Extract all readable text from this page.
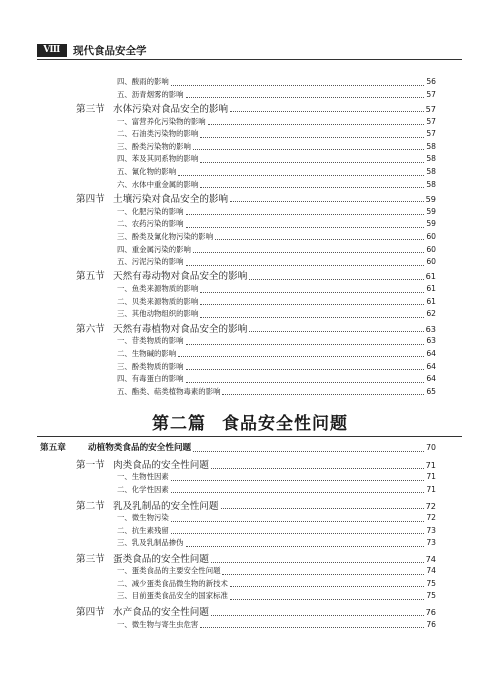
Ⅷ	现代食品安全学
四、酸雨的影响	56
五、沥青烟雾的影响	57
第三节 水体污染对食品安全的影响	57
一、富营养化污染物的影响	57
二、石油类污染物的影响	57
三、酚类污染物的影响	58
四、苯及其同系物的影响	58
五、氰化物的影响	58
六、水体中重金属的影响	58
第四节 土壤污染对食品安全的影响	59
一、化肥污染的影响	59
二、农药污染的影响	59
三、酚类及氰化物污染的影响	60
四、重金属污染的影响	60
五、污泥污染的影响	60
第五节 天然有毒动物对食品安全的影响	61
一、鱼类来源物质的影响	61
二、贝类来源物质的影响	61
三、其他动物组织的影响	62
第六节 天然有毒植物对食品安全的影响	63
一、苷类物质的影响	63
二、生物碱的影响	64
三、酚类物质的影响	64
四、有毒蛋白的影响	64
五、酯类、萜类植物毒素的影响	65
第五章	动植物类食品的安全性问题	70
第一节 肉类食品的安全性问题	71
一、生物性因素	71
二、化学性因素	71
第二节 乳及乳制品的安全性问题	72
一、微生物污染	72
二、抗生素残留	73
三、乳及乳制品掺伪	73
第三节 蛋类食品的安全性问题	74
一、蛋类食品的主要安全性问题	74
二、减少蛋类食品微生物的新技术	75
三、目前蛋类食品安全的国家标准	75
第四节 水产食品的安全性问题	76
一、微生物与寄生虫危害	76
第二篇 食品安全性问题
